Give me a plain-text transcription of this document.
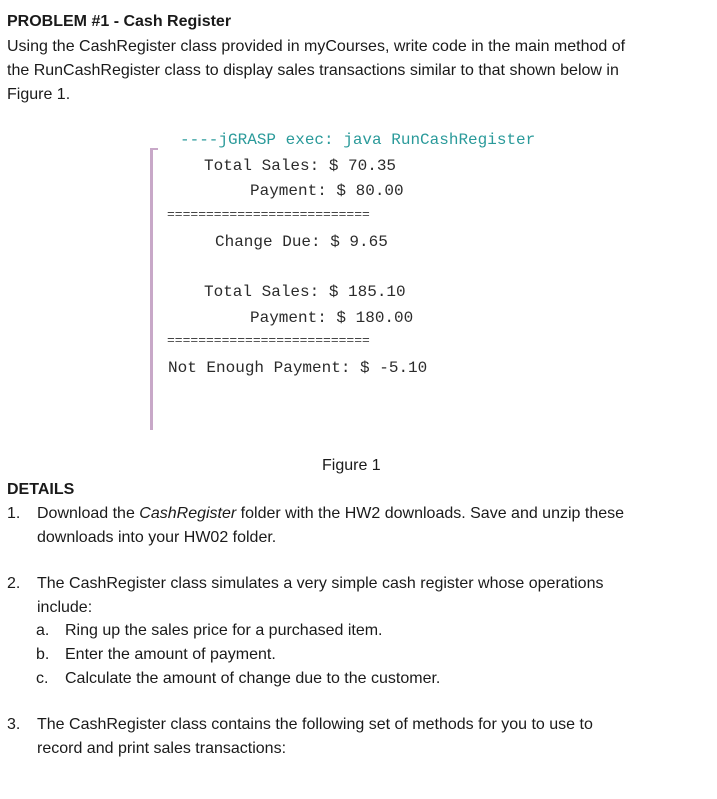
PROBLEM #1 - Cash Register
Using the CashRegister class provided in myCourses, write code in the main method of
the RunCashRegister class to display sales transactions similar to that shown below in
Figure 1.
----jGRASP exec: java RunCashRegister
Total Sales: $ 70.35
Payment: $ 80.00
==========================
Change Due: $ 9.65
Total Sales: $ 185.10
Payment: $ 180.00
==========================
Not Enough Payment: $ -5.10
Figure 1
DETAILS
1. Download the CashRegister folder with the HW2 downloads. Save and unzip these
downloads into your HW02 folder.
2. The CashRegister class simulates a very simple cash register whose operations
include:
a. Ring up the sales price for a purchased item.
b. Enter the amount of payment.
c. Calculate the amount of change due to the customer.
3. The CashRegister class contains the following set of methods for you to use to
record and print sales transactions:
